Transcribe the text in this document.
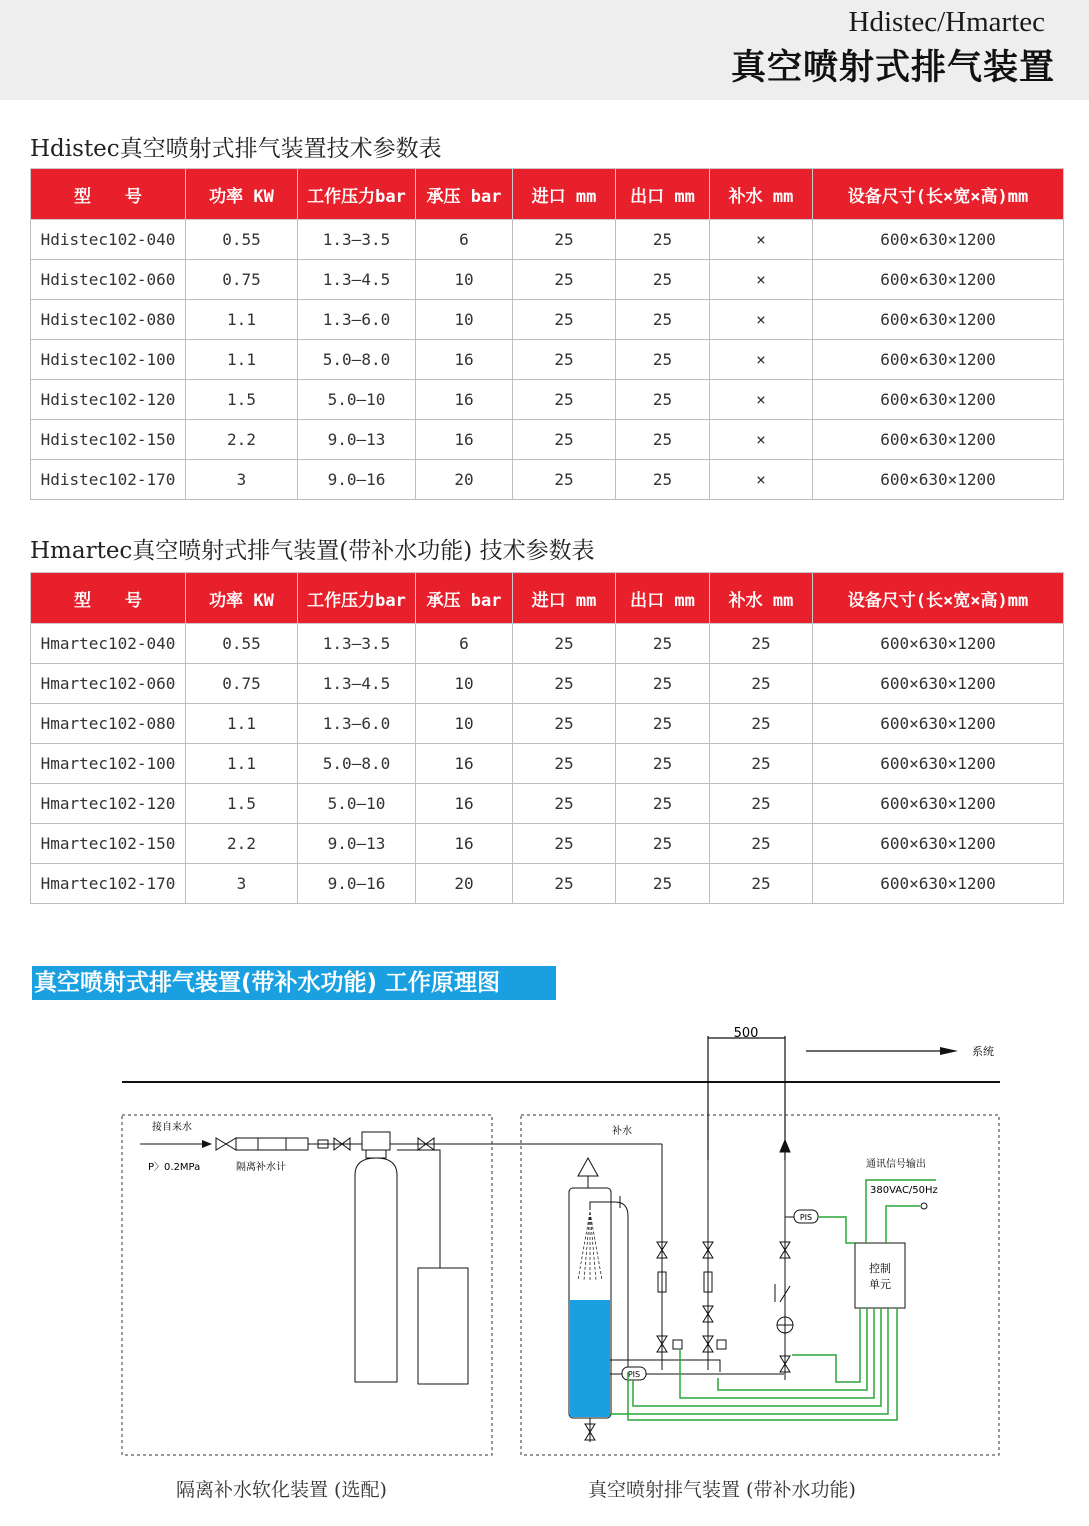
Hdistec/Hmartec
真空喷射式排气装置
Hdistec真空喷射式排气装置技术参数表
型　　号	功率 KW	工作压力bar	承压 bar	进口 mm	出口 mm	补水 mm	设备尺寸(长×宽×高)mm
Hdistec102-040	0.55	1.3—3.5	6	25	25	×	600×630×1200
Hdistec102-060	0.75	1.3—4.5	10	25	25	×	600×630×1200
Hdistec102-080	1.1	1.3—6.0	10	25	25	×	600×630×1200
Hdistec102-100	1.1	5.0—8.0	16	25	25	×	600×630×1200
Hdistec102-120	1.5	5.0—10	16	25	25	×	600×630×1200
Hdistec102-150	2.2	9.0—13	16	25	25	×	600×630×1200
Hdistec102-170	3	9.0—16	20	25	25	×	600×630×1200
Hmartec真空喷射式排气装置(带补水功能) 技术参数表
型　　号	功率 KW	工作压力bar	承压 bar	进口 mm	出口 mm	补水 mm	设备尺寸(长×宽×高)mm
Hmartec102-040	0.55	1.3—3.5	6	25	25	25	600×630×1200
Hmartec102-060	0.75	1.3—4.5	10	25	25	25	600×630×1200
Hmartec102-080	1.1	1.3—6.0	10	25	25	25	600×630×1200
Hmartec102-100	1.1	5.0—8.0	16	25	25	25	600×630×1200
Hmartec102-120	1.5	5.0—10	16	25	25	25	600×630×1200
Hmartec102-150	2.2	9.0—13	16	25	25	25	600×630×1200
Hmartec102-170	3	9.0—16	20	25	25	25	600×630×1200
真空喷射式排气装置(带补水功能) 工作原理图
500
系统
接自来水
P〉0.2MPa	隔离补水计
补水
PIS
PIS
通讯信号输出
380VAC/50Hz
控制
单元
隔离补水软化装置 (选配)	真空喷射排气装置 (带补水功能)
